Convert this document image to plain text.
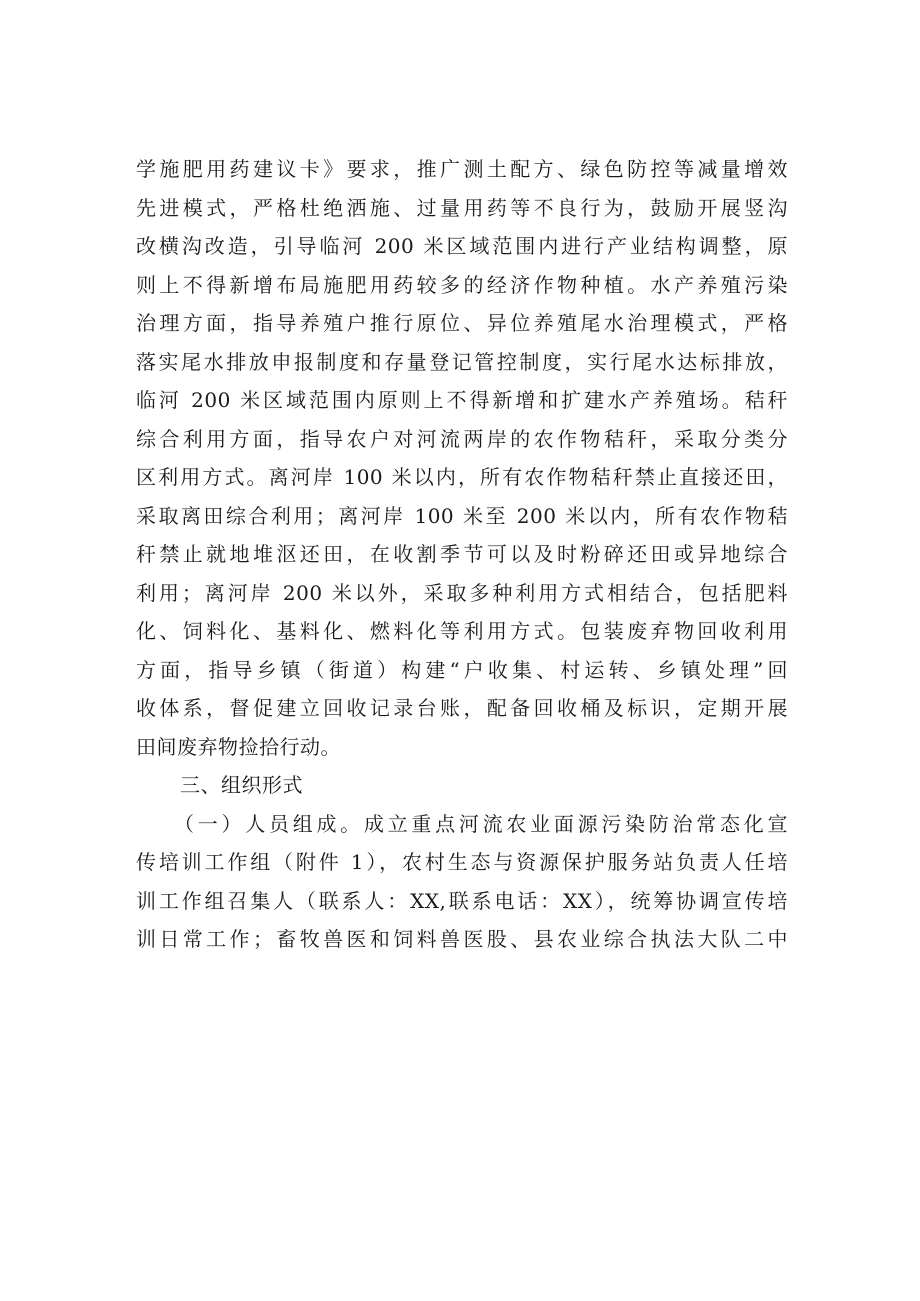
学施肥用药建议卡》要求，推广测土配方、绿色防控等减量增效
先进模式，严格杜绝洒施、过量用药等不良行为，鼓励开展竖沟
改横沟改造，引导临河 200 米区域范围内进行产业结构调整，原
则上不得新增布局施肥用药较多的经济作物种植。水产养殖污染
治理方面，指导养殖户推行原位、异位养殖尾水治理模式，严格
落实尾水排放申报制度和存量登记管控制度，实行尾水达标排放，
临河 200 米区域范围内原则上不得新增和扩建水产养殖场。秸秆
综合利用方面，指导农户对河流两岸的农作物秸秆，采取分类分
区利用方式。离河岸 100 米以内，所有农作物秸秆禁止直接还田，
采取离田综合利用；离河岸 100 米至 200 米以内，所有农作物秸
秆禁止就地堆沤还田，在收割季节可以及时粉碎还田或异地综合
利用；离河岸 200 米以外，采取多种利用方式相结合，包括肥料
化、饲料化、基料化、燃料化等利用方式。包装废弃物回收利用
方面，指导乡镇（街道）构建“户收集、村运转、乡镇处理”回
收体系，督促建立回收记录台账，配备回收桶及标识，定期开展
田间废弃物捡拾行动。
三、组织形式
（一）人员组成。成立重点河流农业面源污染防治常态化宣
传培训工作组（附件 1），农村生态与资源保护服务站负责人任培
训工作组召集人（联系人：XX,联系电话：XX），统筹协调宣传培
训日常工作；畜牧兽医和饲料兽医股、县农业综合执法大队二中
